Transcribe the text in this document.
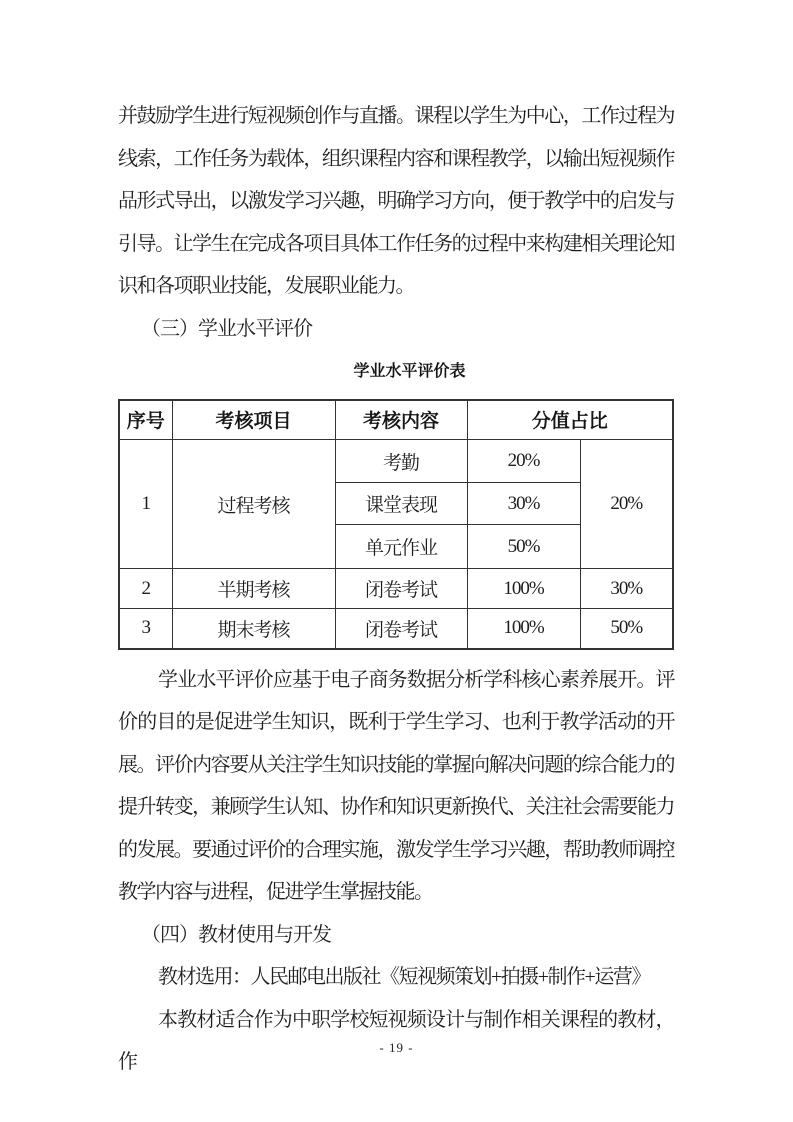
并鼓励学生进行短视频创作与直播。课程以学生为中心，工作过程为线索，工作任务为载体，组织课程内容和课程教学，以输出短视频作品形式导出，以激发学习兴趣，明确学习方向，便于教学中的启发与引导。让学生在完成各项目具体工作任务的过程中来构建相关理论知识和各项职业技能，发展职业能力。

（三）学业水平评价

学业水平评价表

序号	考核项目	考核内容	分值占比	
1	过程考核	考勤	20%	20%
		课堂表现	30%	
		单元作业	50%	
2	半期考核	闭卷考试	100%	30%
3	期末考核	闭卷考试	100%	50%

学业水平评价应基于电子商务数据分析学科核心素养展开。评价的目的是促进学生知识，既利于学生学习、也利于教学活动的开展。评价内容要从关注学生知识技能的掌握向解决问题的综合能力的提升转变，兼顾学生认知、协作和知识更新换代、关注社会需要能力的发展。要通过评价的合理实施，激发学生学习兴趣，帮助教师调控教学内容与进程，促进学生掌握技能。

（四）教材使用与开发

教材选用：人民邮电出版社《短视频策划+拍摄+制作+运营》

本教材适合作为中职学校短视频设计与制作相关课程的教材，作

- 19 -
